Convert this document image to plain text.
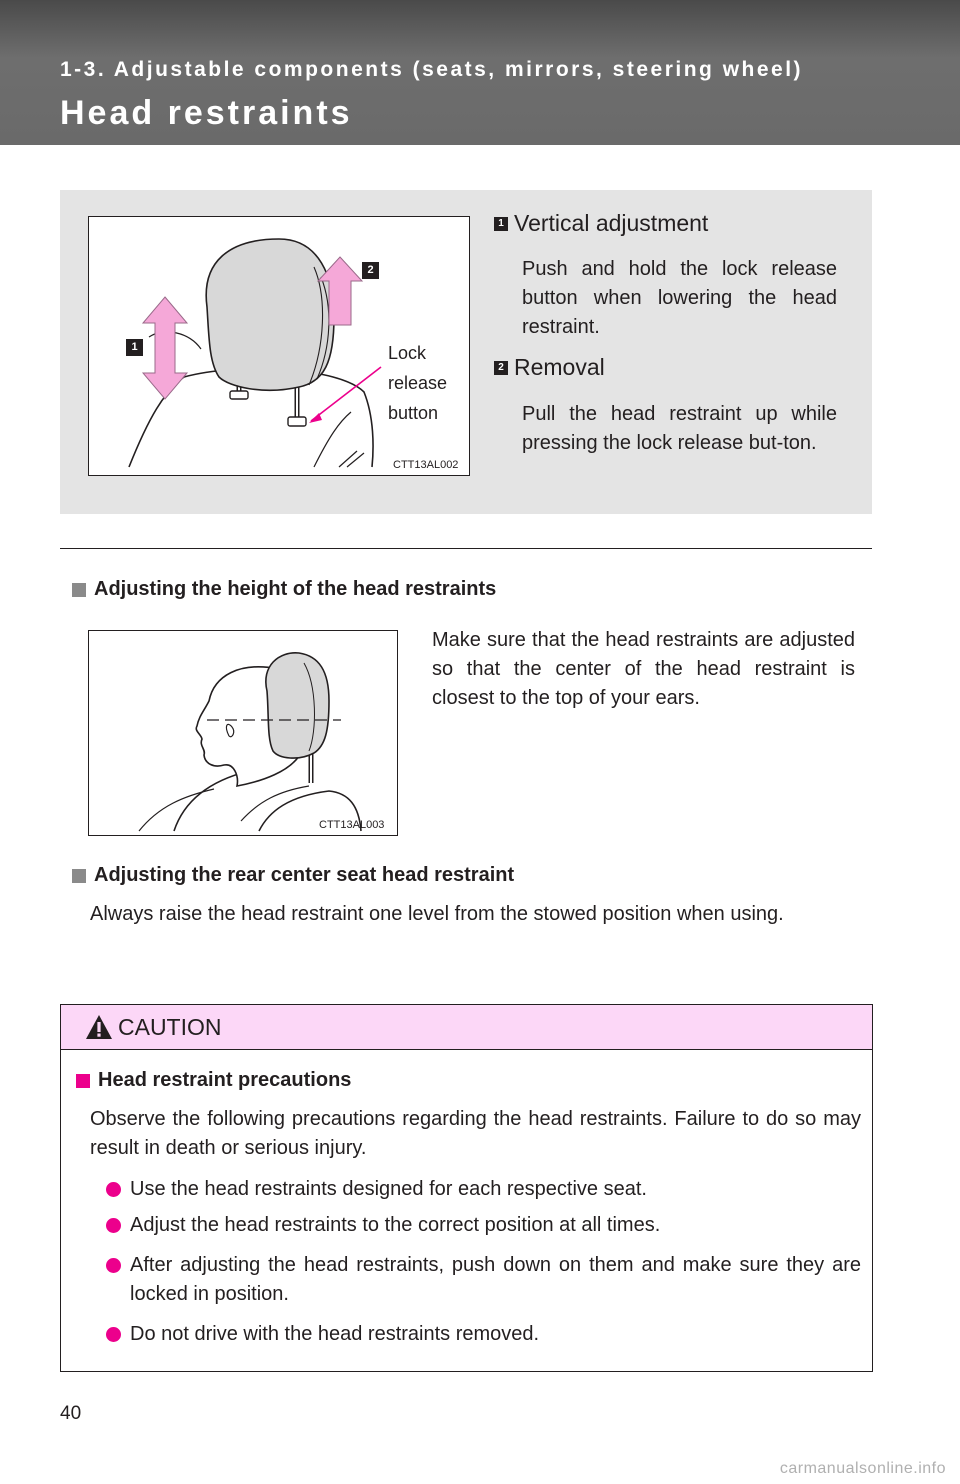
1-3. Adjustable components (seats, mirrors, steering wheel)
Head restraints
1
2
Lock
release
button
CTT13AL002
1 Vertical adjustment
Push and hold the lock release button when lowering the head restraint.
2 Removal
Pull the head restraint up while pressing the lock release but-ton.
Adjusting the height of the head restraints
CTT13AL003
Make sure that the head restraints are adjusted so that the center of the head restraint is closest to the top of your ears.
Adjusting the rear center seat head restraint
Always raise the head restraint one level from the stowed position when using.
CAUTION
Head restraint precautions
Observe the following precautions regarding the head restraints. Failure to do so may result in death or serious injury.
Use the head restraints designed for each respective seat.
Adjust the head restraints to the correct position at all times.
After adjusting the head restraints, push down on them and make sure they are locked in position.
Do not drive with the head restraints removed.
40
carmanualsonline.info
